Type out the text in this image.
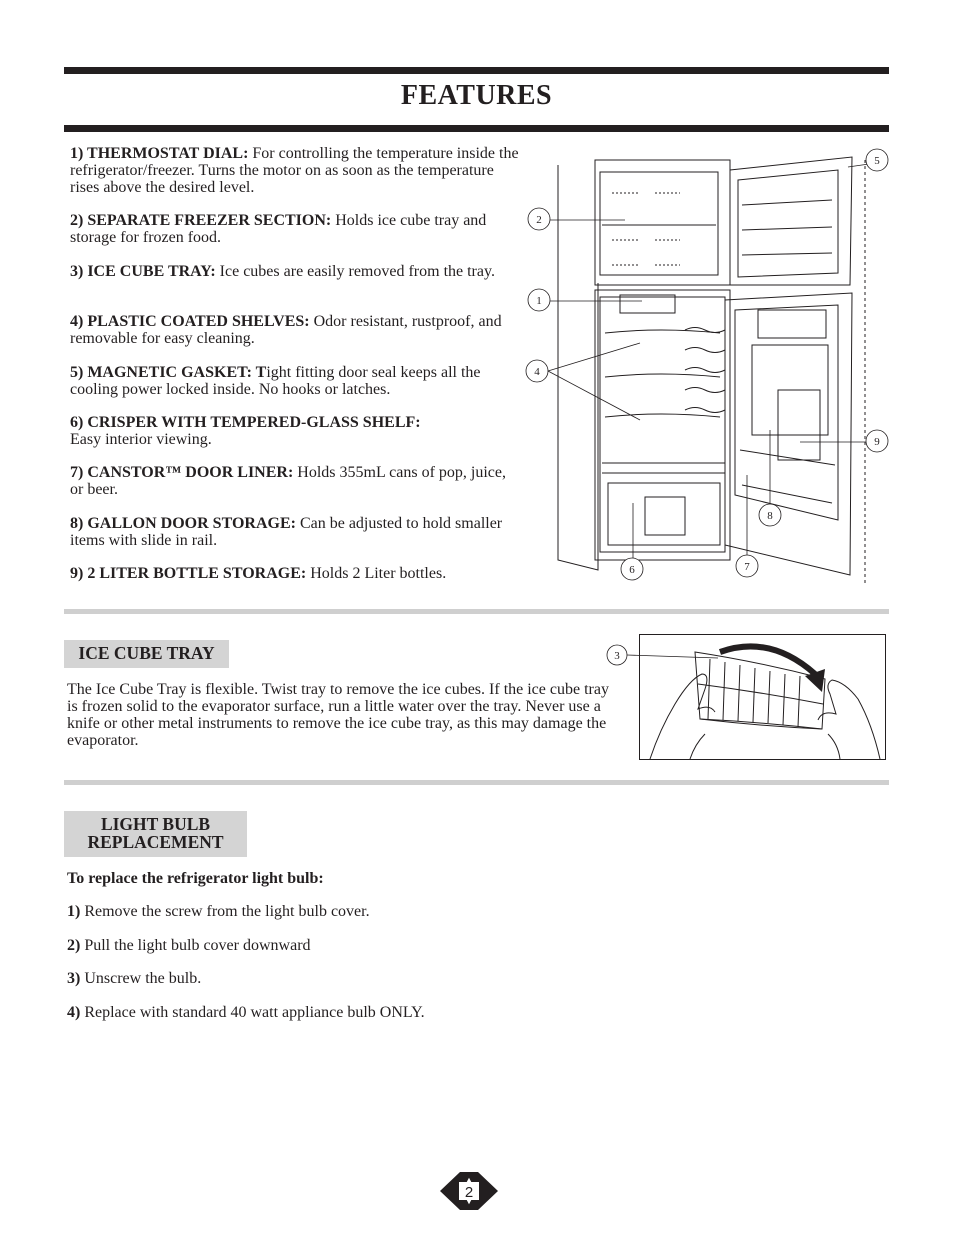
FEATURES
1) THERMOSTAT DIAL: For controlling the temperature inside the refrigerator/freezer. Turns the motor on as soon as the temperature rises above the desired level.
2) SEPARATE FREEZER SECTION: Holds ice cube tray and storage for frozen food.
3) ICE CUBE TRAY: Ice cubes are easily removed from the tray.
4) PLASTIC COATED SHELVES: Odor resistant, rustproof, and removable for easy cleaning.
5) MAGNETIC GASKET: Tight fitting door seal keeps all the cooling power locked inside. No hooks or latches.
6) CRISPER WITH TEMPERED-GLASS SHELF:
Easy interior viewing.
7) CANSTOR™ DOOR LINER: Holds 355mL cans of pop, juice, or beer.
8) GALLON DOOR STORAGE: Can be adjusted to hold smaller items with slide in rail.
9) 2 LITER BOTTLE STORAGE: Holds 2 Liter bottles.
5
2
1
4
9
8
6	7
ICE CUBE TRAY
The Ice Cube Tray is flexible. Twist tray to remove the ice cubes. If the ice cube tray is frozen solid to the evaporator surface, run a little water over the tray. Never use a knife or other metal instruments to remove the ice cube tray, as this may damage the evaporator.
3
LIGHT BULB
REPLACEMENT
To replace the refrigerator light bulb:
1) Remove the screw from the light bulb cover.
2) Pull the light bulb cover downward
3) Unscrew the bulb.
4) Replace with standard 40 watt appliance bulb ONLY.
2
